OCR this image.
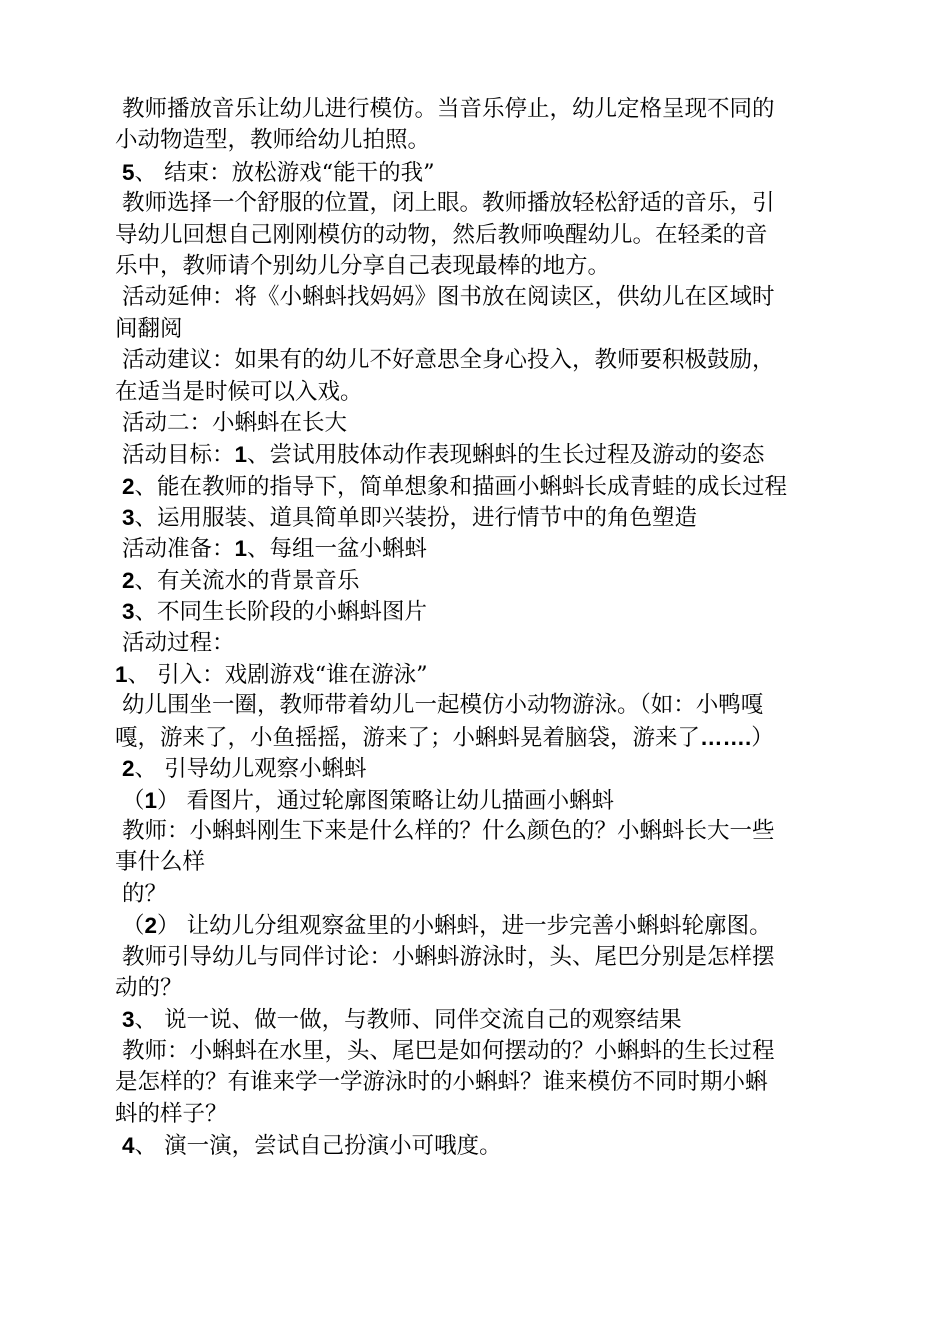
教师播放音乐让幼儿进行模仿。当音乐停止，幼儿定格呈现不同的
小动物造型，教师给幼儿拍照。
5、 结束：放松游戏“能干的我”
教师选择一个舒服的位置，闭上眼。教师播放轻松舒适的音乐，引
导幼儿回想自己刚刚模仿的动物，然后教师唤醒幼儿。在轻柔的音
乐中，教师请个别幼儿分享自己表现最棒的地方。
活动延伸：将《小蝌蚪找妈妈》图书放在阅读区，供幼儿在区域时
间翻阅
活动建议：如果有的幼儿不好意思全身心投入，教师要积极鼓励，
在适当是时候可以入戏。
活动二：小蝌蚪在长大
活动目标：1、尝试用肢体动作表现蝌蚪的生长过程及游动的姿态
2、能在教师的指导下，简单想象和描画小蝌蚪长成青蛙的成长过程
3、运用服装、道具简单即兴装扮，进行情节中的角色塑造
活动准备：1、每组一盆小蝌蚪
2、有关流水的背景音乐
3、不同生长阶段的小蝌蚪图片
活动过程：
1、 引入：戏剧游戏“谁在游泳”
幼儿围坐一圈，教师带着幼儿一起模仿小动物游泳。（如：小鸭嘎
嘎，游来了，小鱼摇摇，游来了；小蝌蚪晃着脑袋，游来了…….）
2、 引导幼儿观察小蝌蚪
（1） 看图片，通过轮廓图策略让幼儿描画小蝌蚪
教师：小蝌蚪刚生下来是什么样的？什么颜色的？小蝌蚪长大一些
事什么样
的？
（2） 让幼儿分组观察盆里的小蝌蚪，进一步完善小蝌蚪轮廓图。
教师引导幼儿与同伴讨论：小蝌蚪游泳时，头、尾巴分别是怎样摆
动的？
3、 说一说、做一做，与教师、同伴交流自己的观察结果
教师：小蝌蚪在水里，头、尾巴是如何摆动的？小蝌蚪的生长过程
是怎样的？有谁来学一学游泳时的小蝌蚪？谁来模仿不同时期小蝌
蚪的样子？
4、 演一演，尝试自己扮演小可哦度。
